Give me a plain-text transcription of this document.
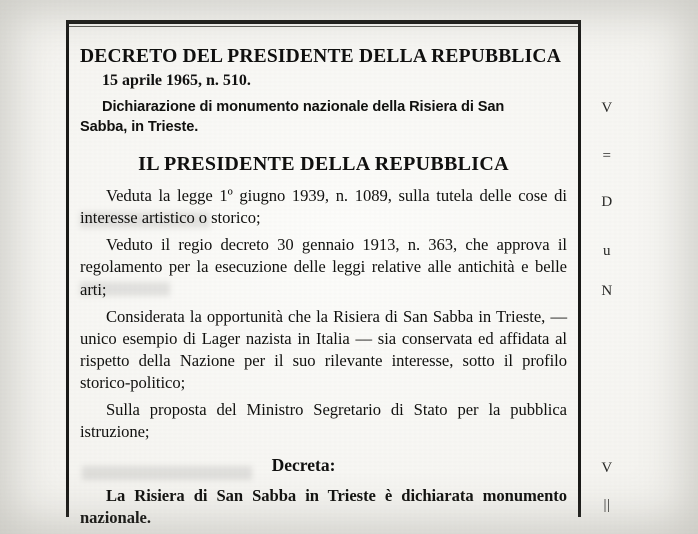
V
=
D
u
N
V
||
DECRETO DEL PRESIDENTE DELLA REPUBBLICA
15 aprile 1965, n. 510.
Dichiarazione di monumento nazionale della Risiera di San
Sabba, in Trieste.
IL PRESIDENTE DELLA REPUBBLICA

Veduta la legge 1º giugno 1939, n. 1089, sulla tutela delle cose di interesse artistico o storico;

Veduto il regio decreto 30 gennaio 1913, n. 363, che approva il regolamento per la esecuzione delle leggi relative alle antichità e belle arti;

Considerata la opportunità che la Risiera di San Sabba in Trieste, — unico esempio di Lager nazista in Italia — sia conservata ed affidata al rispetto della Nazione per il suo rilevante interesse, sotto il profilo storico-politico;

Sulla proposta del Ministro Segretario di Stato per la pubblica istruzione;

Decreta:

La Risiera di San Sabba in Trieste è dichiarata monumento nazionale.
